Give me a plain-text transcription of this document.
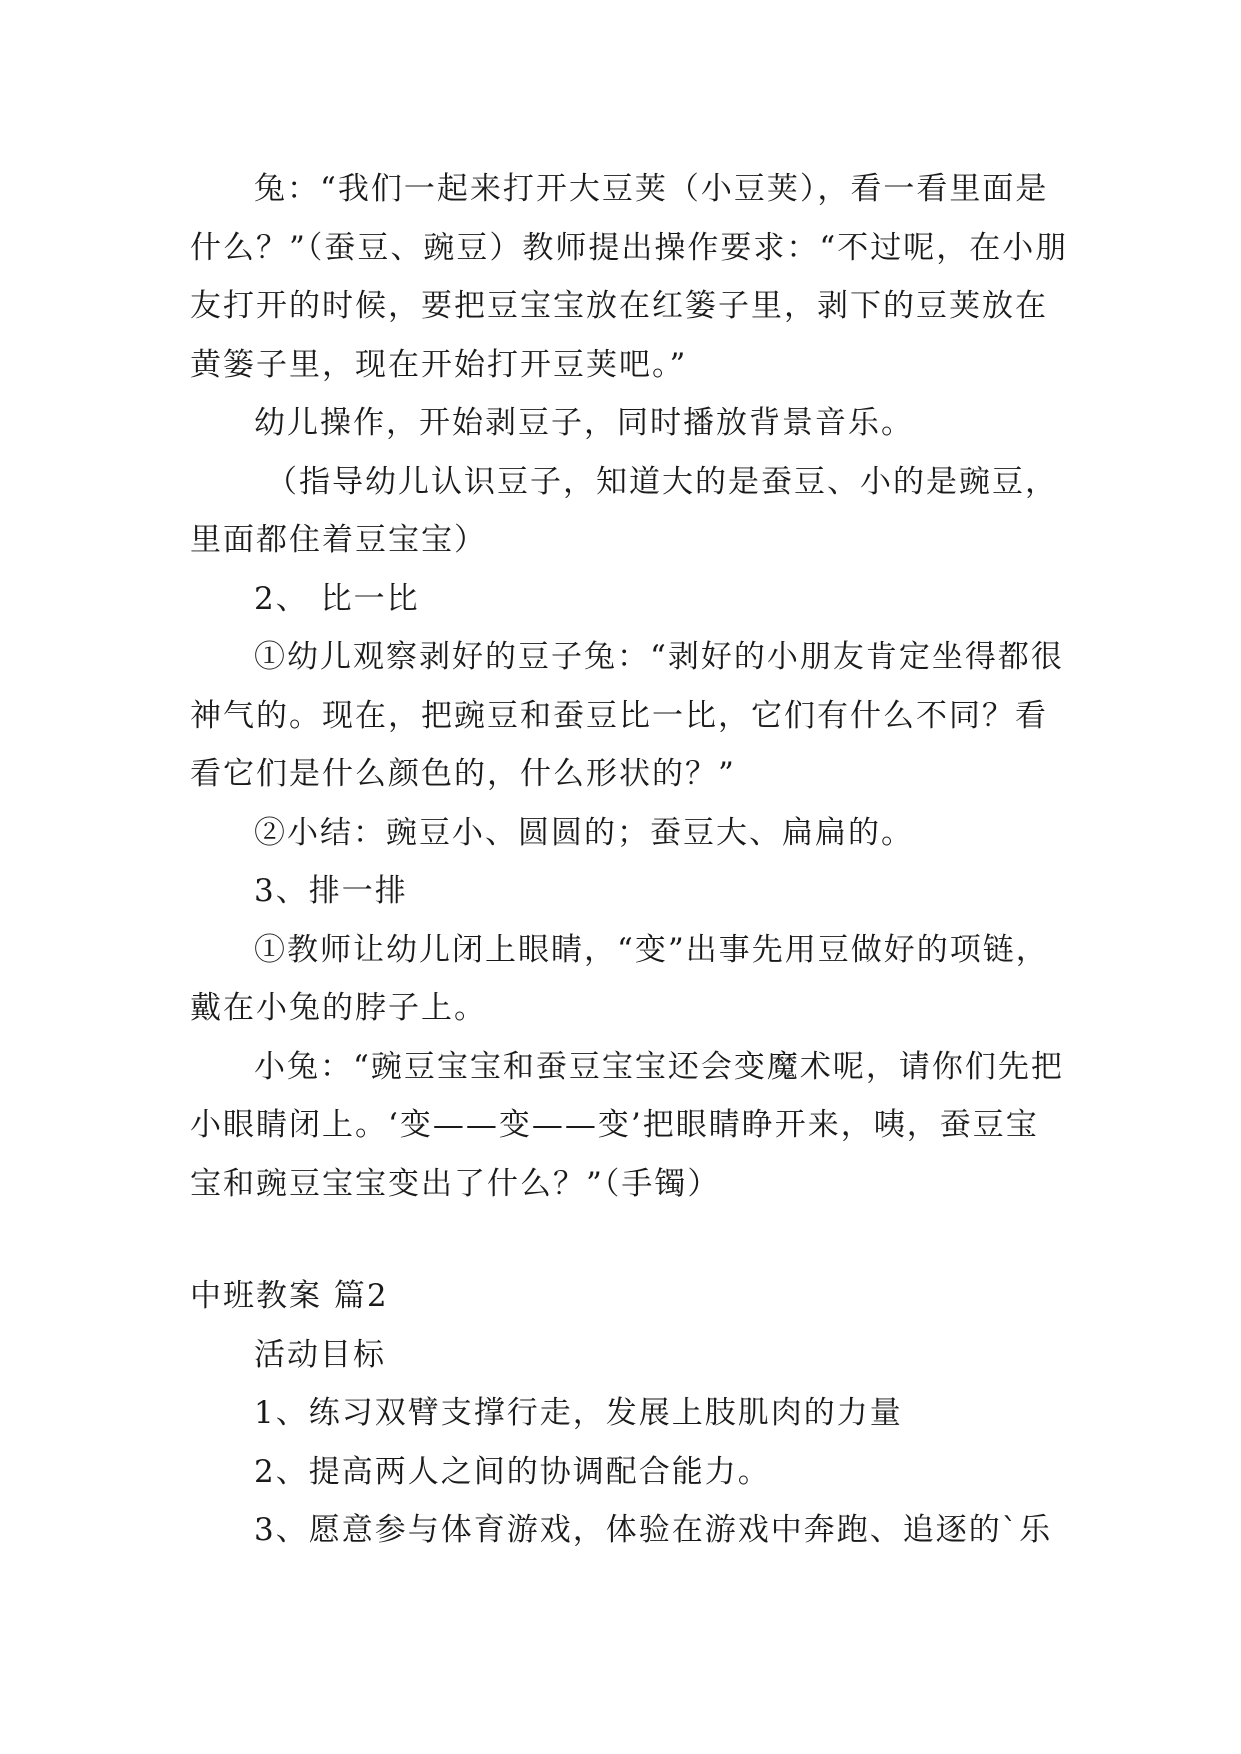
兔：“我们一起来打开大豆荚（小豆荚），看一看里面是什么？”（蚕豆、豌豆）教师提出操作要求：“不过呢，在小朋友打开的时候，要把豆宝宝放在红篓子里，剥下的豆荚放在黄篓子里，现在开始打开豆荚吧。”

幼儿操作，开始剥豆子，同时播放背景音乐。

（指导幼儿认识豆子，知道大的是蚕豆、小的是豌豆，里面都住着豆宝宝）

2、 比一比

①幼儿观察剥好的豆子兔：“剥好的小朋友肯定坐得都很神气的。现在，把豌豆和蚕豆比一比，它们有什么不同？看看它们是什么颜色的，什么形状的？”

②小结：豌豆小、圆圆的；蚕豆大、扁扁的。

3、排一排

①教师让幼儿闭上眼睛，“变”出事先用豆做好的项链，戴在小兔的脖子上。

小兔：“豌豆宝宝和蚕豆宝宝还会变魔术呢，请你们先把小眼睛闭上。‘变——变——变’把眼睛睁开来，咦，蚕豆宝宝和豌豆宝宝变出了什么？”（手镯）

中班教案 篇2

活动目标

1、练习双臂支撑行走，发展上肢肌肉的力量

2、提高两人之间的协调配合能力。

3、愿意参与体育游戏，体验在游戏中奔跑、追逐的`乐
